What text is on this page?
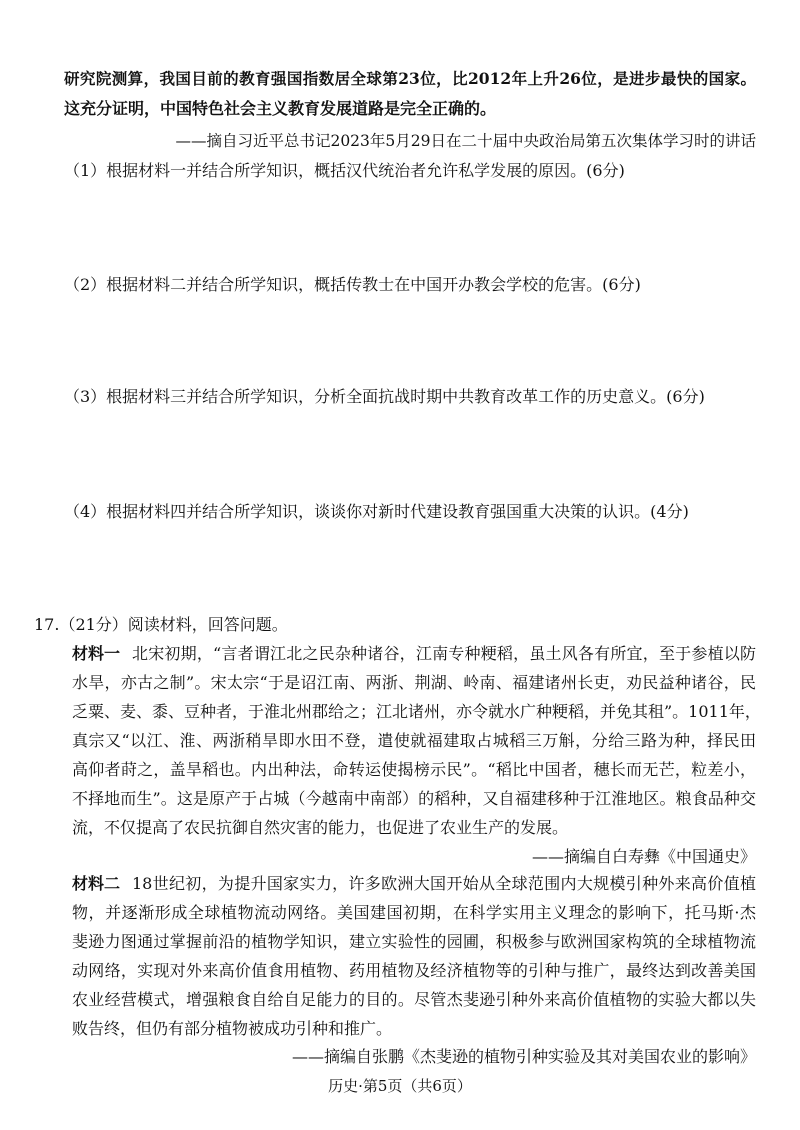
研究院测算，我国目前的教育强国指数居全球第23位，比2012年上升26位，是进步最快的国家。
这充分证明，中国特色社会主义教育发展道路是完全正确的。
——摘自习近平总书记2023年5月29日在二十届中央政治局第五次集体学习时的讲话
（1）根据材料一并结合所学知识，概括汉代统治者允许私学发展的原因。(6分)
（2）根据材料二并结合所学知识，概括传教士在中国开办教会学校的危害。(6分)
（3）根据材料三并结合所学知识，分析全面抗战时期中共教育改革工作的历史意义。(6分)
（4）根据材料四并结合所学知识，谈谈你对新时代建设教育强国重大决策的认识。(4分)
17.（21分）阅读材料，回答问题。
材料一 北宋初期，“言者谓江北之民杂种诸谷，江南专种粳稻，虽土风各有所宜，至于参植以防
水旱，亦古之制”。宋太宗“于是诏江南、两浙、荆湖、岭南、福建诸州长吏，劝民益种诸谷，民
乏粟、麦、黍、豆种者，于淮北州郡给之；江北诸州，亦令就水广种粳稻，并免其租”。1011年，
真宗又“以江、淮、两浙稍旱即水田不登，遣使就福建取占城稻三万斛，分给三路为种，择民田
高仰者莳之，盖旱稻也。内出种法，命转运使揭榜示民”。“稻比中国者，穗长而无芒，粒差小，
不择地而生”。这是原产于占城（今越南中南部）的稻种，又自福建移种于江淮地区。粮食品种交
流，不仅提高了农民抗御自然灾害的能力，也促进了农业生产的发展。
——摘编自白寿彝《中国通史》
材料二 18世纪初，为提升国家实力，许多欧洲大国开始从全球范围内大规模引种外来高价值植
物，并逐渐形成全球植物流动网络。美国建国初期，在科学实用主义理念的影响下，托马斯·杰
斐逊力图通过掌握前沿的植物学知识，建立实验性的园圃，积极参与欧洲国家构筑的全球植物流
动网络，实现对外来高价值食用植物、药用植物及经济植物等的引种与推广，最终达到改善美国
农业经营模式，增强粮食自给自足能力的目的。尽管杰斐逊引种外来高价值植物的实验大都以失
败告终，但仍有部分植物被成功引种和推广。
——摘编自张鹏《杰斐逊的植物引种实验及其对美国农业的影响》
历史·第5页（共6页）
